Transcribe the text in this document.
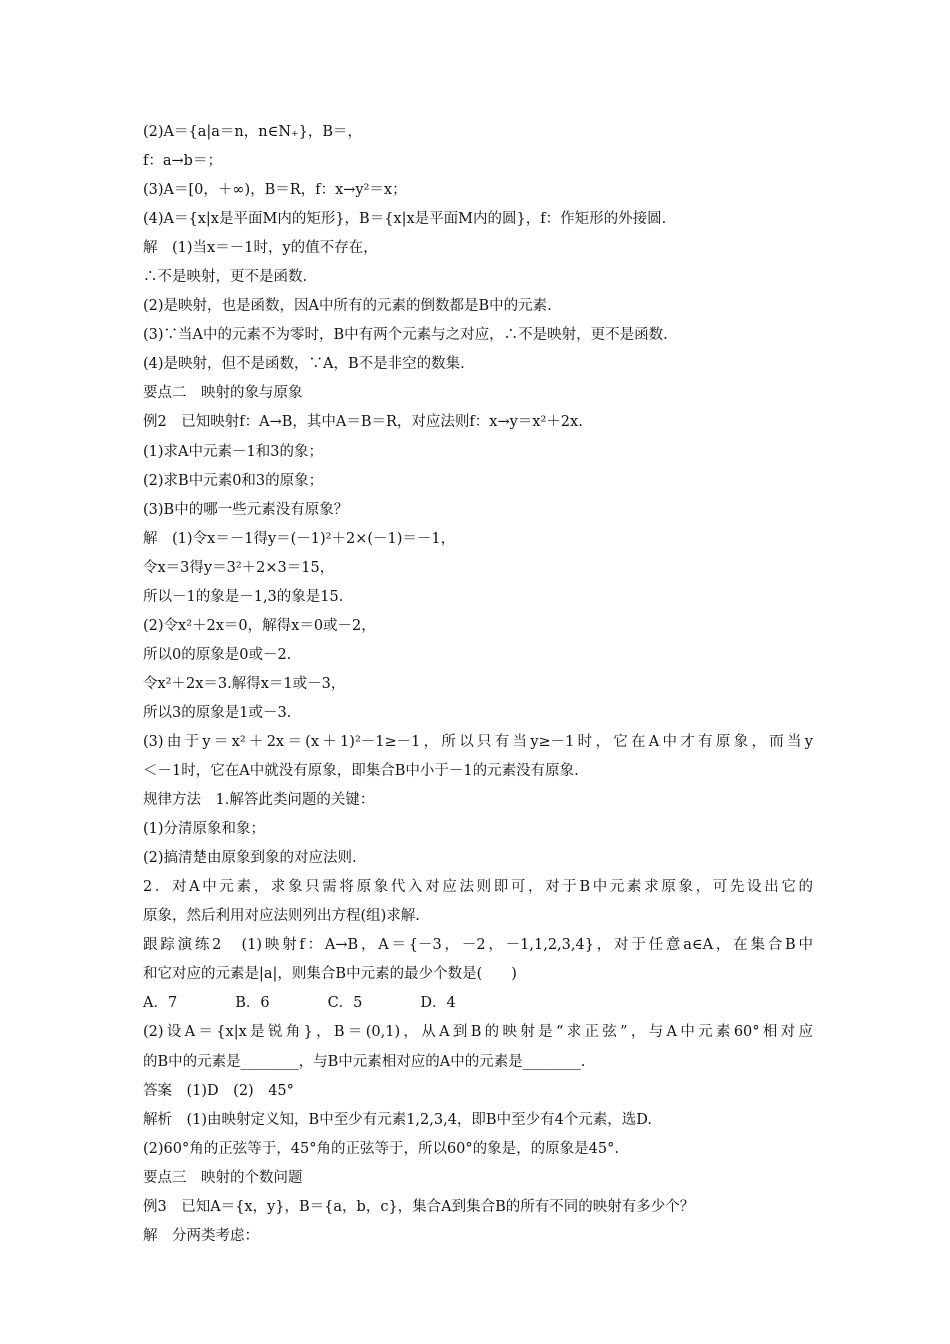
(2)A＝{a|a＝n，n∈N₊}，B＝，
f：a→b＝；
(3)A＝[0，＋∞)，B＝R，f：x→y²＝x；
(4)A＝{x|x是平面M内的矩形}，B＝{x|x是平面M内的圆}，f：作矩形的外接圆.
解　(1)当x＝－1时，y的值不存在，
∴不是映射，更不是函数.
(2)是映射，也是函数，因A中所有的元素的倒数都是B中的元素.
(3)∵当A中的元素不为零时，B中有两个元素与之对应，∴不是映射，更不是函数.
(4)是映射，但不是函数，∵A，B不是非空的数集.
要点二　映射的象与原象
例2　已知映射f：A→B，其中A＝B＝R，对应法则f：x→y＝x²＋2x.
(1)求A中元素－1和3的象；
(2)求B中元素0和3的原象；
(3)B中的哪一些元素没有原象？
解　(1)令x＝－1得y＝(－1)²＋2×(－1)＝－1，
令x＝3得y＝3²＋2×3＝15，
所以－1的象是－1,3的象是15.
(2)令x²＋2x＝0，解得x＝0或－2，
所以0的原象是0或－2.
令x²＋2x＝3.解得x＝1或－3，
所以3的原象是1或－3.
(3)由于y＝x²＋2x＝(x＋1)²－1≥－1，所以只有当y≥－1时，它在A中才有原象，而当y
＜－1时，它在A中就没有原象，即集合B中小于－1的元素没有原象.
规律方法　1.解答此类问题的关键：
(1)分清原象和象；
(2)搞清楚由原象到象的对应法则.
2．对A中元素，求象只需将原象代入对应法则即可，对于B中元素求原象，可先设出它的
原象，然后利用对应法则列出方程(组)求解.
跟踪演练2　(1)映射f：A→B，A＝{－3，－2，－1,1,2,3,4}，对于任意a∈A，在集合B中
和它对应的元素是|a|，则集合B中元素的最少个数是(　　)
A．7　　　　B．6　　　　C．5　　　　D．4
(2)设A＝{x|x是锐角}，B＝(0,1)，从A到B的映射是“求正弦”，与A中元素60°相对应
的B中的元素是________，与B中元素相对应的A中的元素是________.
答案　(1)D　(2)　45°
解析　(1)由映射定义知，B中至少有元素1,2,3,4，即B中至少有4个元素，选D.
(2)60°角的正弦等于，45°角的正弦等于，所以60°的象是，的原象是45°.
要点三　映射的个数问题
例3　已知A＝{x，y}，B＝{a，b，c}，集合A到集合B的所有不同的映射有多少个？
解　分两类考虑：
